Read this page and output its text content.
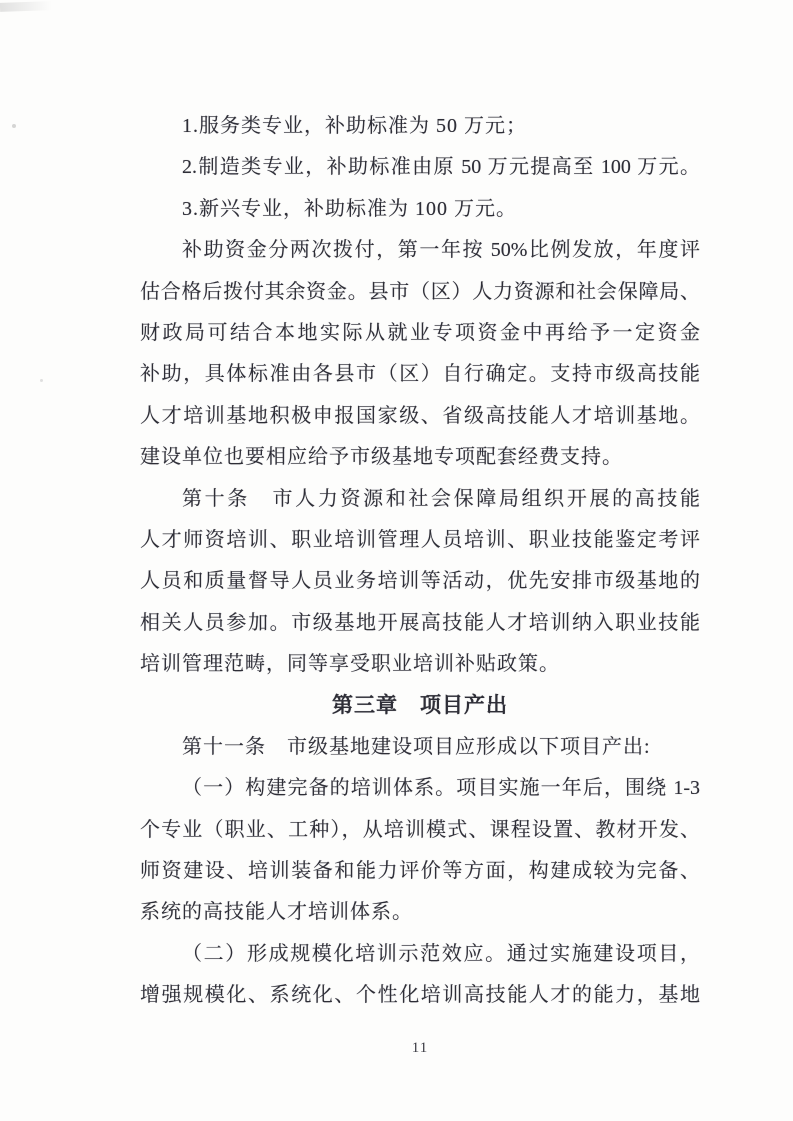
1.服务类专业，补助标准为 50 万元；
2.制造类专业，补助标准由原 50 万元提高至 100 万元。
3.新兴专业，补助标准为 100 万元。
补助资金分两次拨付，第一年按 50%比例发放，年度评
估合格后拨付其余资金。县市（区）人力资源和社会保障局、
财政局可结合本地实际从就业专项资金中再给予一定资金
补助，具体标准由各县市（区）自行确定。支持市级高技能
人才培训基地积极申报国家级、省级高技能人才培训基地。
建设单位也要相应给予市级基地专项配套经费支持。
第十条　市人力资源和社会保障局组织开展的高技能
人才师资培训、职业培训管理人员培训、职业技能鉴定考评
人员和质量督导人员业务培训等活动，优先安排市级基地的
相关人员参加。市级基地开展高技能人才培训纳入职业技能
培训管理范畴，同等享受职业培训补贴政策。
第三章　项目产出
第十一条　市级基地建设项目应形成以下项目产出:
（一）构建完备的培训体系。项目实施一年后，围绕 1-3
个专业（职业、工种），从培训模式、课程设置、教材开发、
师资建设、培训装备和能力评价等方面，构建成较为完备、
系统的高技能人才培训体系。
（二）形成规模化培训示范效应。通过实施建设项目，
增强规模化、系统化、个性化培训高技能人才的能力，基地
11
